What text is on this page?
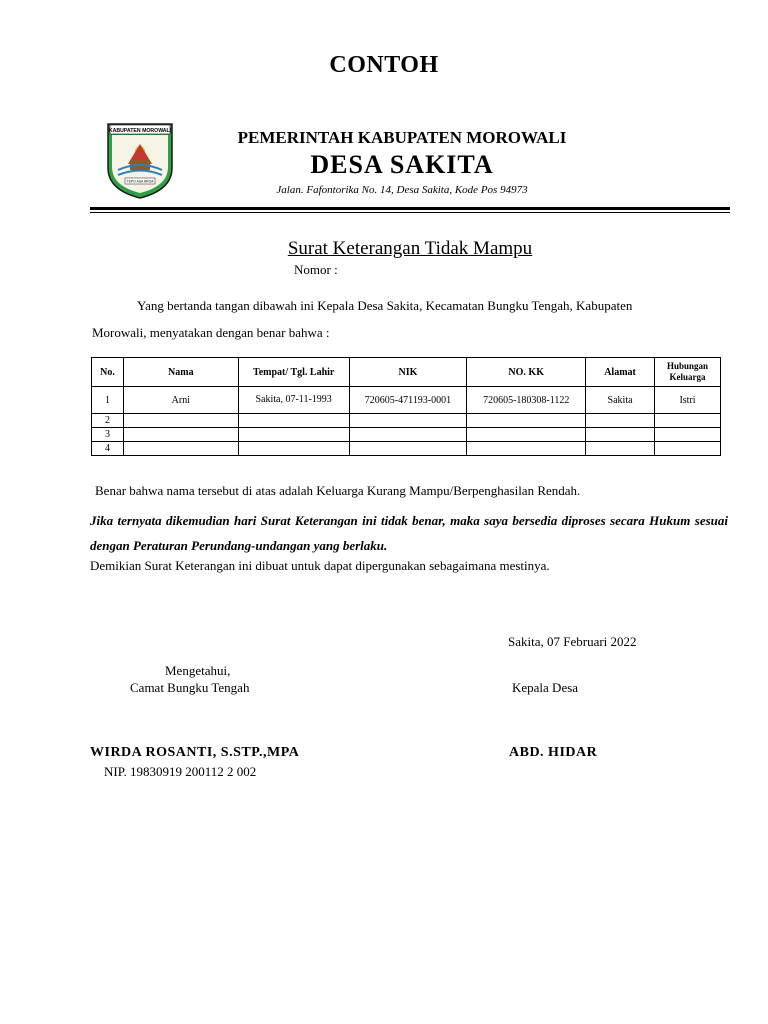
CONTOH
KABUPATEN MOROWALI
TEPO ASA AROA
PEMERINTAH KABUPATEN MOROWALI
DESA SAKITA
Jalan. Fafontorika No. 14, Desa Sakita, Kode Pos 94973
Surat Keterangan Tidak Mampu
Nomor :
Yang bertanda tangan dibawah ini Kepala Desa Sakita, Kecamatan Bungku Tengah, Kabupaten
Morowali, menyatakan dengan benar bahwa :
No.	Nama	Tempat/ Tgl. Lahir	NIK	NO. KK	Alamat	Hubungan Keluarga
1	Arni	Sakita, 07-11-1993	720605-471193-0001	720605-180308-1122	Sakita	Istri
2						
3						
4						
Benar bahwa nama tersebut di atas adalah Keluarga Kurang Mampu/Berpenghasilan Rendah.
Jika ternyata dikemudian hari Surat Keterangan ini tidak benar, maka saya bersedia diproses secara Hukum sesuai dengan Peraturan Perundang-undangan yang berlaku.
Demikian Surat Keterangan ini dibuat untuk dapat dipergunakan sebagaimana mestinya.
Sakita, 07 Februari 2022
Mengetahui,
Camat Bungku Tengah	Kepala Desa
WIRDA ROSANTI, S.STP.,MPA
NIP. 19830919 200112 2 002
ABD. HIDAR
